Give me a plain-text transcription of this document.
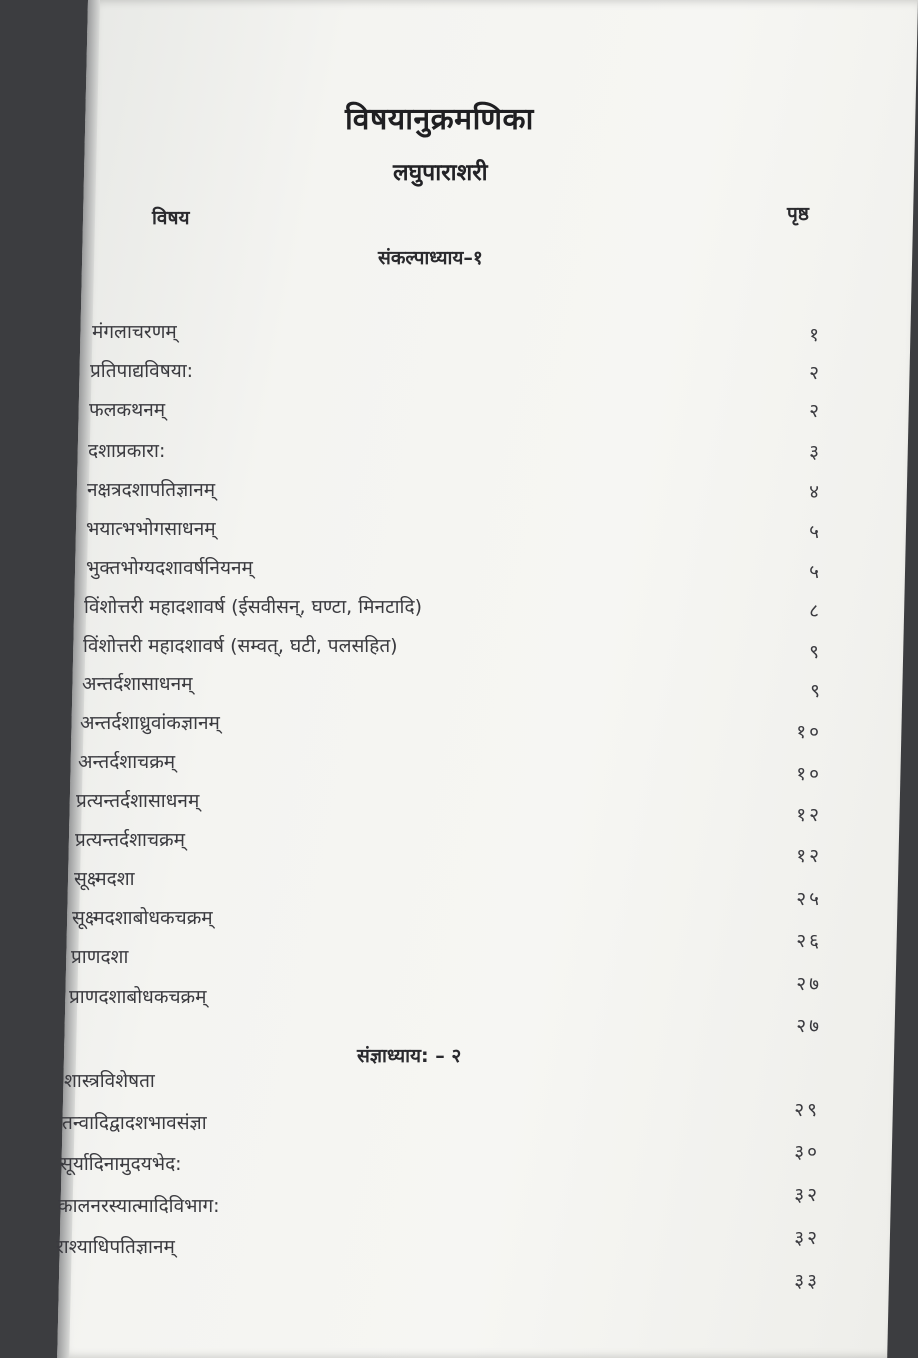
विषयानुक्रमणिका
लघुपाराशरी
विषय	पृष्ठ
संकल्पाध्याय–१
मंगलाचरणम्
प्रतिपाद्यविषया:
फलकथनम्
दशाप्रकारा:
नक्षत्रदशापतिज्ञानम्
भयात्भभोगसाधनम्
भुक्तभोग्यदशावर्षनियनम्
विंशोत्तरी महादशावर्ष (ईसवीसन्, घण्टा, मिनटादि)
विंशोत्तरी महादशावर्ष (सम्वत्, घटी, पलसहित)
अन्तर्दशासाधनम्
अन्तर्दशाध्रुवांकज्ञानम्
अन्तर्दशाचक्रम्
प्रत्यन्तर्दशासाधनम्
प्रत्यन्तर्दशाचक्रम्
सूक्ष्मदशा
सूक्ष्मदशाबोधकचक्रम्
प्राणदशा
प्राणदशाबोधकचक्रम्
१
२
२
३
४
५
५
८
९
९
१०
१०
१२
१२
२५
२६
२७
२७
संज्ञाध्याय: – २
शास्त्रविशेषता
तन्वादिद्वादशभावसंज्ञा
सूर्यादिनामुदयभेद:
कालनरस्यात्मादिविभाग:
राश्याधिपतिज्ञानम्
२९
३०
३२
३२
३३
